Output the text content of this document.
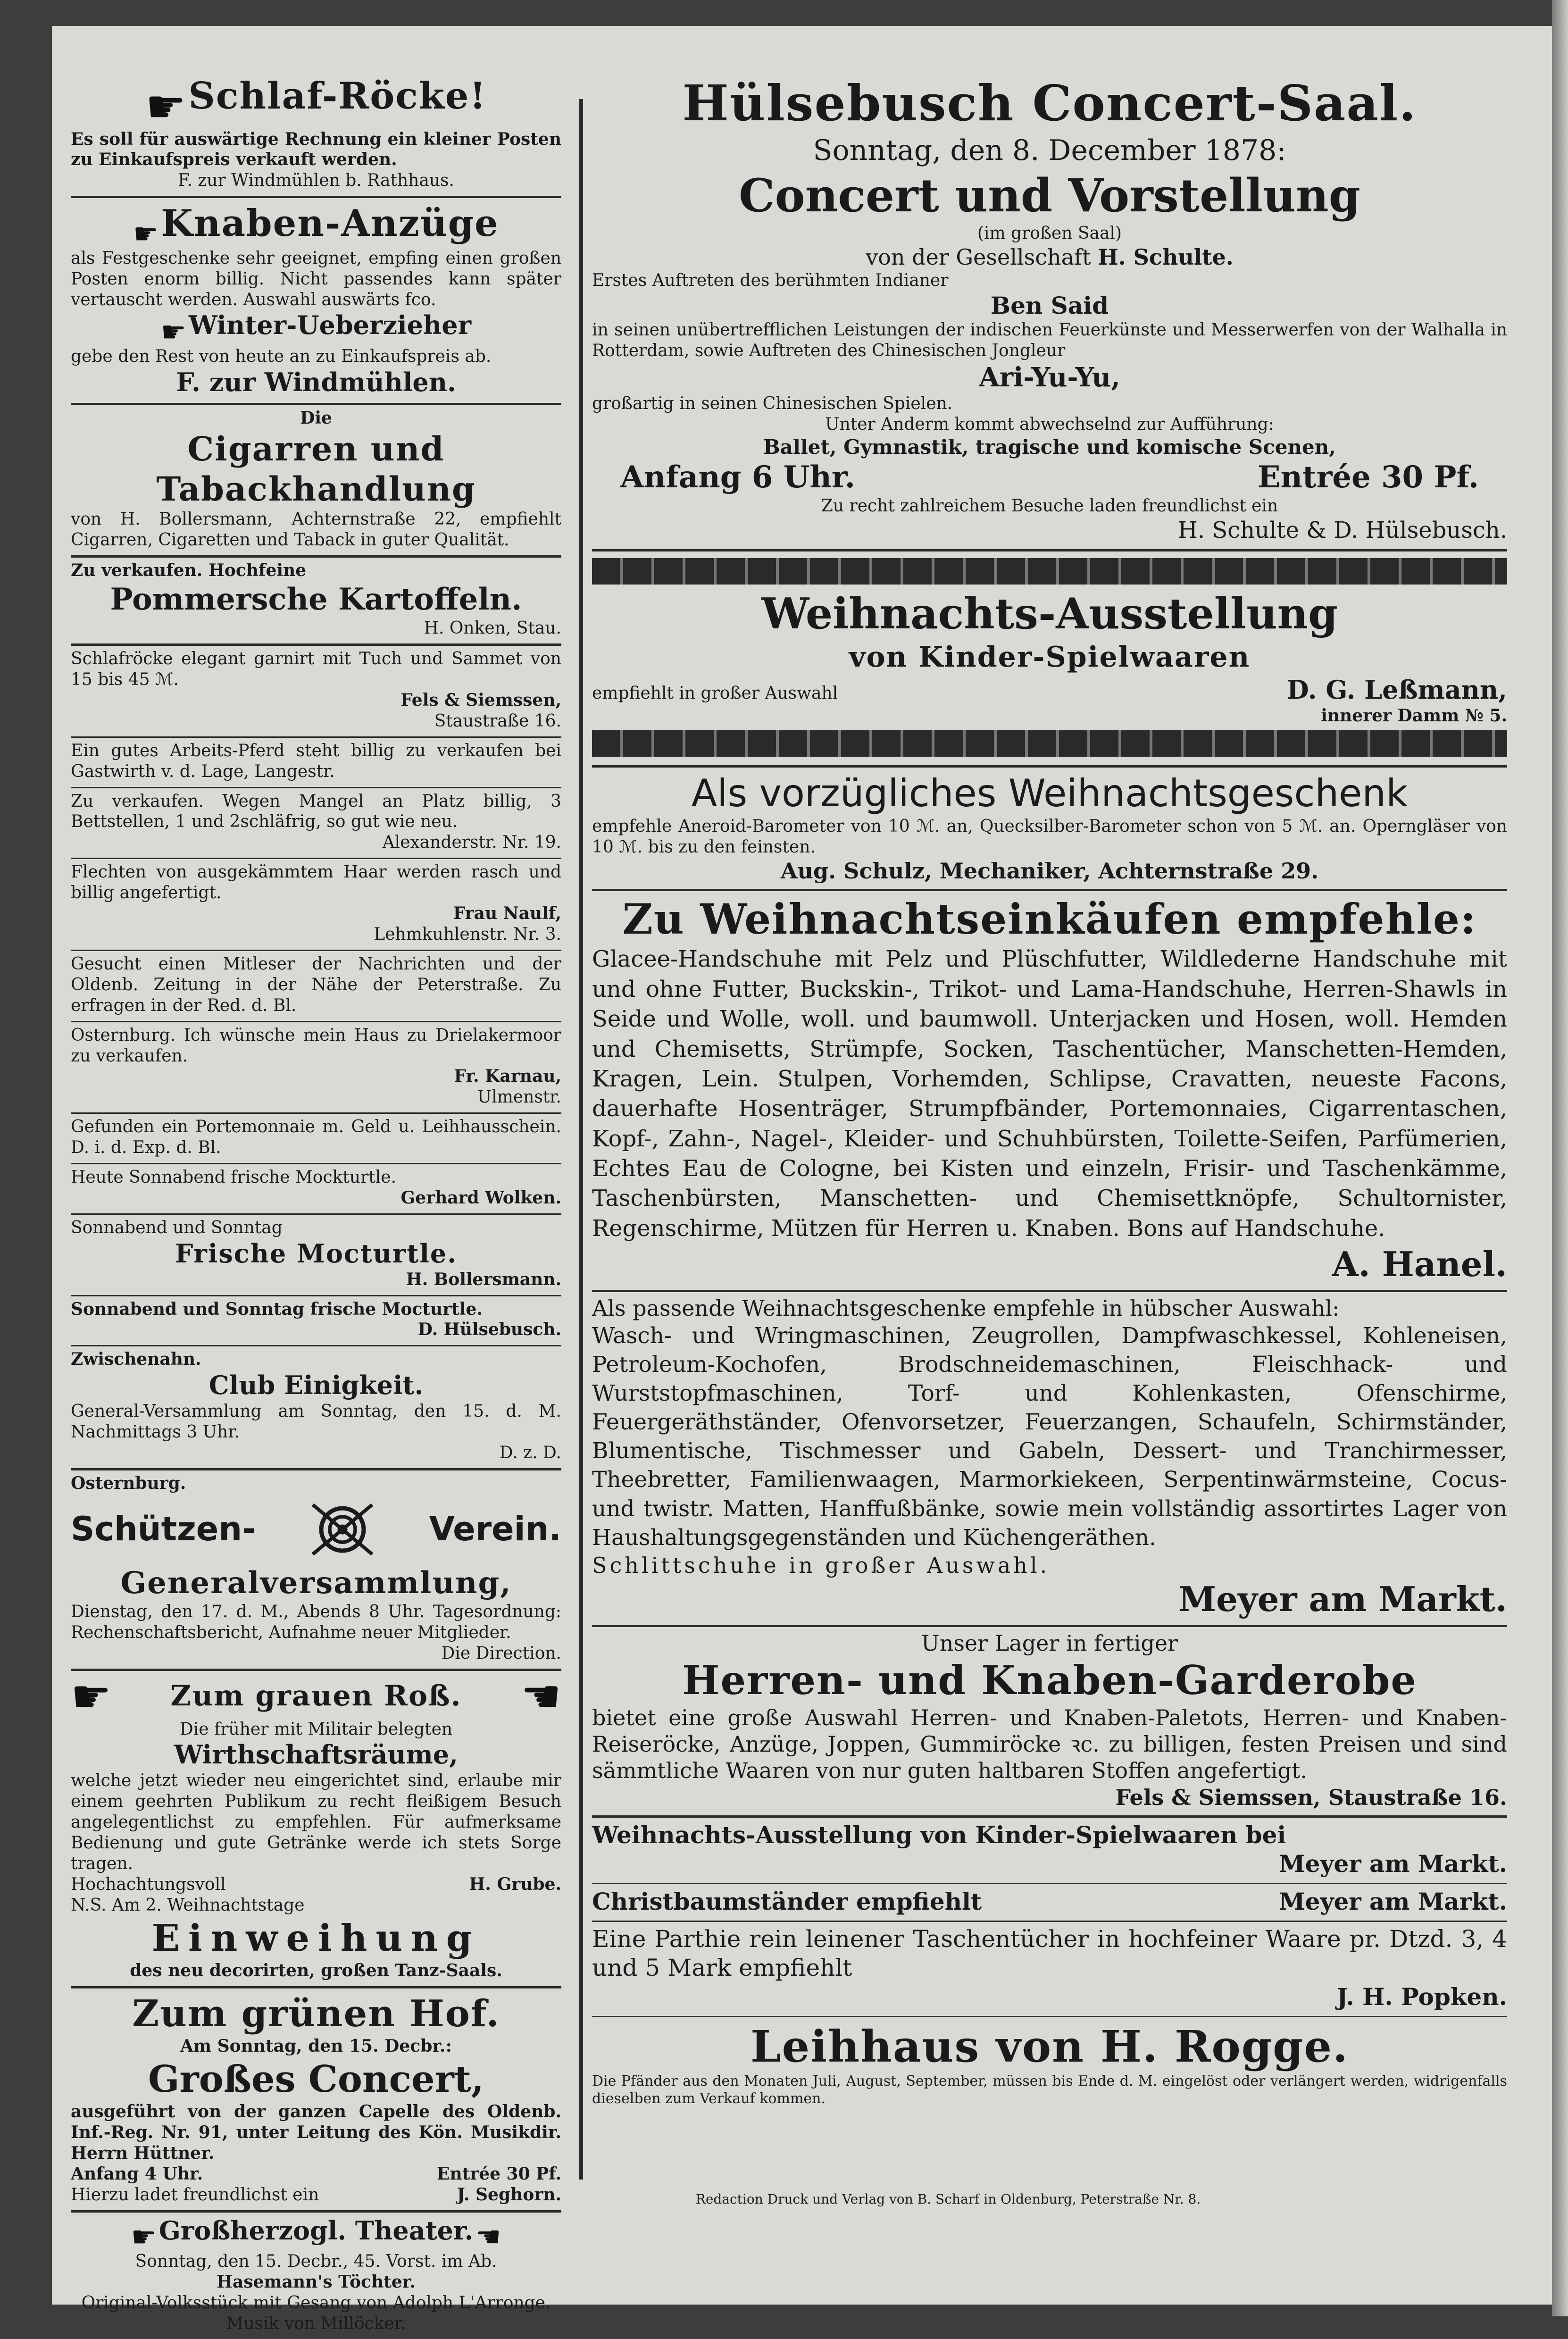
☛ Schlaf-Röcke!

Es soll für auswärtige Rechnung ein kleiner Posten zu Einkaufspreis verkauft werden.

F. zur Windmühlen b. Rathhaus.

☛ Knaben-Anzüge

als Festgeschenke sehr geeignet, empfing einen großen Posten enorm billig. Nicht passendes kann später vertauscht werden. Auswahl auswärts fco.

☛ Winter-Ueberzieher

gebe den Rest von heute an zu Einkaufspreis ab.

F. zur Windmühlen.

Die

Cigarren und Tabackhandlung

von H. Bollersmann, Achternstraße 22, empfiehlt Cigarren, Cigaretten und Taback in guter Qualität.

Zu verkaufen. Hochfeine

Pommersche Kartoffeln.

H. Onken, Stau.

Schlafröcke elegant garnirt mit Tuch und Sammet von 15 bis 45 ℳ.

Fels & Siemssen,

Staustraße 16.

Ein gutes Arbeits-Pferd steht billig zu verkaufen bei Gastwirth v. d. Lage, Langestr.

Zu verkaufen. Wegen Mangel an Platz billig, 3 Bettstellen, 1 und 2schläfrig, so gut wie neu.

Alexanderstr. Nr. 19.

Flechten von ausgekämmtem Haar werden rasch und billig angefertigt.

Frau Naulf,

Lehmkuhlenstr. Nr. 3.

Gesucht einen Mitleser der Nachrichten und der Oldenb. Zeitung in der Nähe der Peterstraße. Zu erfragen in der Red. d. Bl.

Osternburg. Ich wünsche mein Haus zu Drielakermoor zu verkaufen.

Fr. Karnau,

Ulmenstr.

Gefunden ein Portemonnaie m. Geld u. Leihhausschein. D. i. d. Exp. d. Bl.

Heute Sonnabend frische Mockturtle.

Gerhard Wolken.

Sonnabend und Sonntag

Frische Mocturtle.

H. Bollersmann.

Sonnabend und Sonntag frische Mocturtle.

D. Hülsebusch.

Zwischenahn.

Club Einigkeit.

General-Versammlung am Sonntag, den 15. d. M. Nachmittags 3 Uhr.

D. z. D.

Osternburg.

Schützen-	Verein.

Generalversammlung,

Dienstag, den 17. d. M., Abends 8 Uhr. Tagesordnung: Rechenschaftsbericht, Aufnahme neuer Mitglieder.

Die Direction.

☛ Zum grauen Roß. ☚

Die früher mit Militair belegten

Wirthschaftsräume,

welche jetzt wieder neu eingerichtet sind, erlaube mir einem geehrten Publikum zu recht fleißigem Besuch angelegentlichst zu empfehlen. Für aufmerksame Bedienung und gute Getränke werde ich stets Sorge tragen.

Hochachtungsvoll	H. Grube.

N.S. Am 2. Weihnachtstage

Einweihung

des neu decorirten, großen Tanz-Saals.

Zum grünen Hof.

Am Sonntag, den 15. Decbr.:

Großes Concert,

ausgeführt von der ganzen Capelle des Oldenb. Inf.-Reg. Nr. 91, unter Leitung des Kön. Musikdir. Herrn Hüttner.

Anfang 4 Uhr.	Entrée 30 Pf.
Hierzu ladet freundlichst ein	J. Seghorn.
☛ Großherzogl. Theater. ☚

Sonntag, den 15. Decbr., 45. Vorst. im Ab.

Hasemann's Töchter.

Original-Volksstück mit Gesang von Adolph L'Arronge.

Musik von Millöcker.

Hülsebusch Concert-Saal.

Sonntag, den 8. December 1878:

Concert und Vorstellung

(im großen Saal)

von der Gesellschaft H. Schulte.

Erstes Auftreten des berühmten Indianer

Ben Said

in seinen unübertrefflichen Leistungen der indischen Feuerkünste und Messerwerfen von der Walhalla in Rotterdam, sowie Auftreten des Chinesischen Jongleur

Ari-Yu-Yu,

großartig in seinen Chinesischen Spielen.

Unter Anderm kommt abwechselnd zur Aufführung:

Ballet, Gymnastik, tragische und komische Scenen,

Anfang 6 Uhr.	Entrée 30 Pf.

Zu recht zahlreichem Besuche laden freundlichst ein

H. Schulte & D. Hülsebusch.

Weihnachts-Ausstellung

von Kinder-Spielwaaren

empfiehlt in großer Auswahl	D. G. Leßmann,

innerer Damm № 5.

Als vorzügliches Weihnachtsgeschenk

empfehle Aneroid-Barometer von 10 ℳ. an, Quecksilber-Barometer schon von 5 ℳ. an. Operngläser von 10 ℳ. bis zu den feinsten.

Aug. Schulz, Mechaniker, Achternstraße 29.

Zu Weihnachtseinkäufen empfehle:

Glacee-Handschuhe mit Pelz und Plüschfutter, Wildlederne Handschuhe mit und ohne Futter, Buckskin-, Trikot- und Lama-Handschuhe, Herren-Shawls in Seide und Wolle, woll. und baumwoll. Unterjacken und Hosen, woll. Hemden und Chemisetts, Strümpfe, Socken, Taschentücher, Manschetten-Hemden, Kragen, Lein. Stulpen, Vorhemden, Schlipse, Cravatten, neueste Facons, dauerhafte Hosenträger, Strumpfbänder, Portemonnaies, Cigarrentaschen, Kopf-, Zahn-, Nagel-, Kleider- und Schuhbürsten, Toilette-Seifen, Parfümerien, Echtes Eau de Cologne, bei Kisten und einzeln, Frisir- und Taschenkämme, Taschenbürsten, Manschetten- und Chemisettknöpfe, Schultornister, Regenschirme, Mützen für Herren u. Knaben. Bons auf Handschuhe.

A. Hanel.

Als passende Weihnachtsgeschenke empfehle in hübscher Auswahl:

Wasch- und Wringmaschinen, Zeugrollen, Dampfwaschkessel, Kohleneisen, Petroleum-Kochofen, Brodschneidemaschinen, Fleischhack- und Wurststopfmaschinen, Torf- und Kohlenkasten, Ofenschirme, Feuergeräthständer, Ofenvorsetzer, Feuerzangen, Schaufeln, Schirmständer, Blumentische, Tischmesser und Gabeln, Dessert- und Tranchirmesser, Theebretter, Familienwaagen, Marmorkiekeen, Serpentinwärmsteine, Cocus- und twistr. Matten, Hanffußbänke, sowie mein vollständig assortirtes Lager von Haushaltungsgegenständen und Küchengeräthen.

Schlittschuhe in großer Auswahl.

Meyer am Markt.

Unser Lager in fertiger

Herren- und Knaben-Garderobe

bietet eine große Auswahl Herren- und Knaben-Paletots, Herren- und Knaben-Reiseröcke, Anzüge, Joppen, Gummiröcke ꝛc. zu billigen, festen Preisen und sind sämmtliche Waaren von nur guten haltbaren Stoffen angefertigt.

Fels & Siemssen, Staustraße 16.

Weihnachts-Ausstellung von Kinder-Spielwaaren bei

Meyer am Markt.

Christbaumständer empfiehlt	Meyer am Markt.

Eine Parthie rein leinener Taschentücher in hochfeiner Waare pr. Dtzd. 3, 4 und 5 Mark empfiehlt

J. H. Popken.

Leihhaus von H. Rogge.

Die Pfänder aus den Monaten Juli, August, September, müssen bis Ende d. M. eingelöst oder verlängert werden, widrigenfalls dieselben zum Verkauf kommen.

Redaction Druck und Verlag von B. Scharf in Oldenburg, Peterstraße Nr. 8.
